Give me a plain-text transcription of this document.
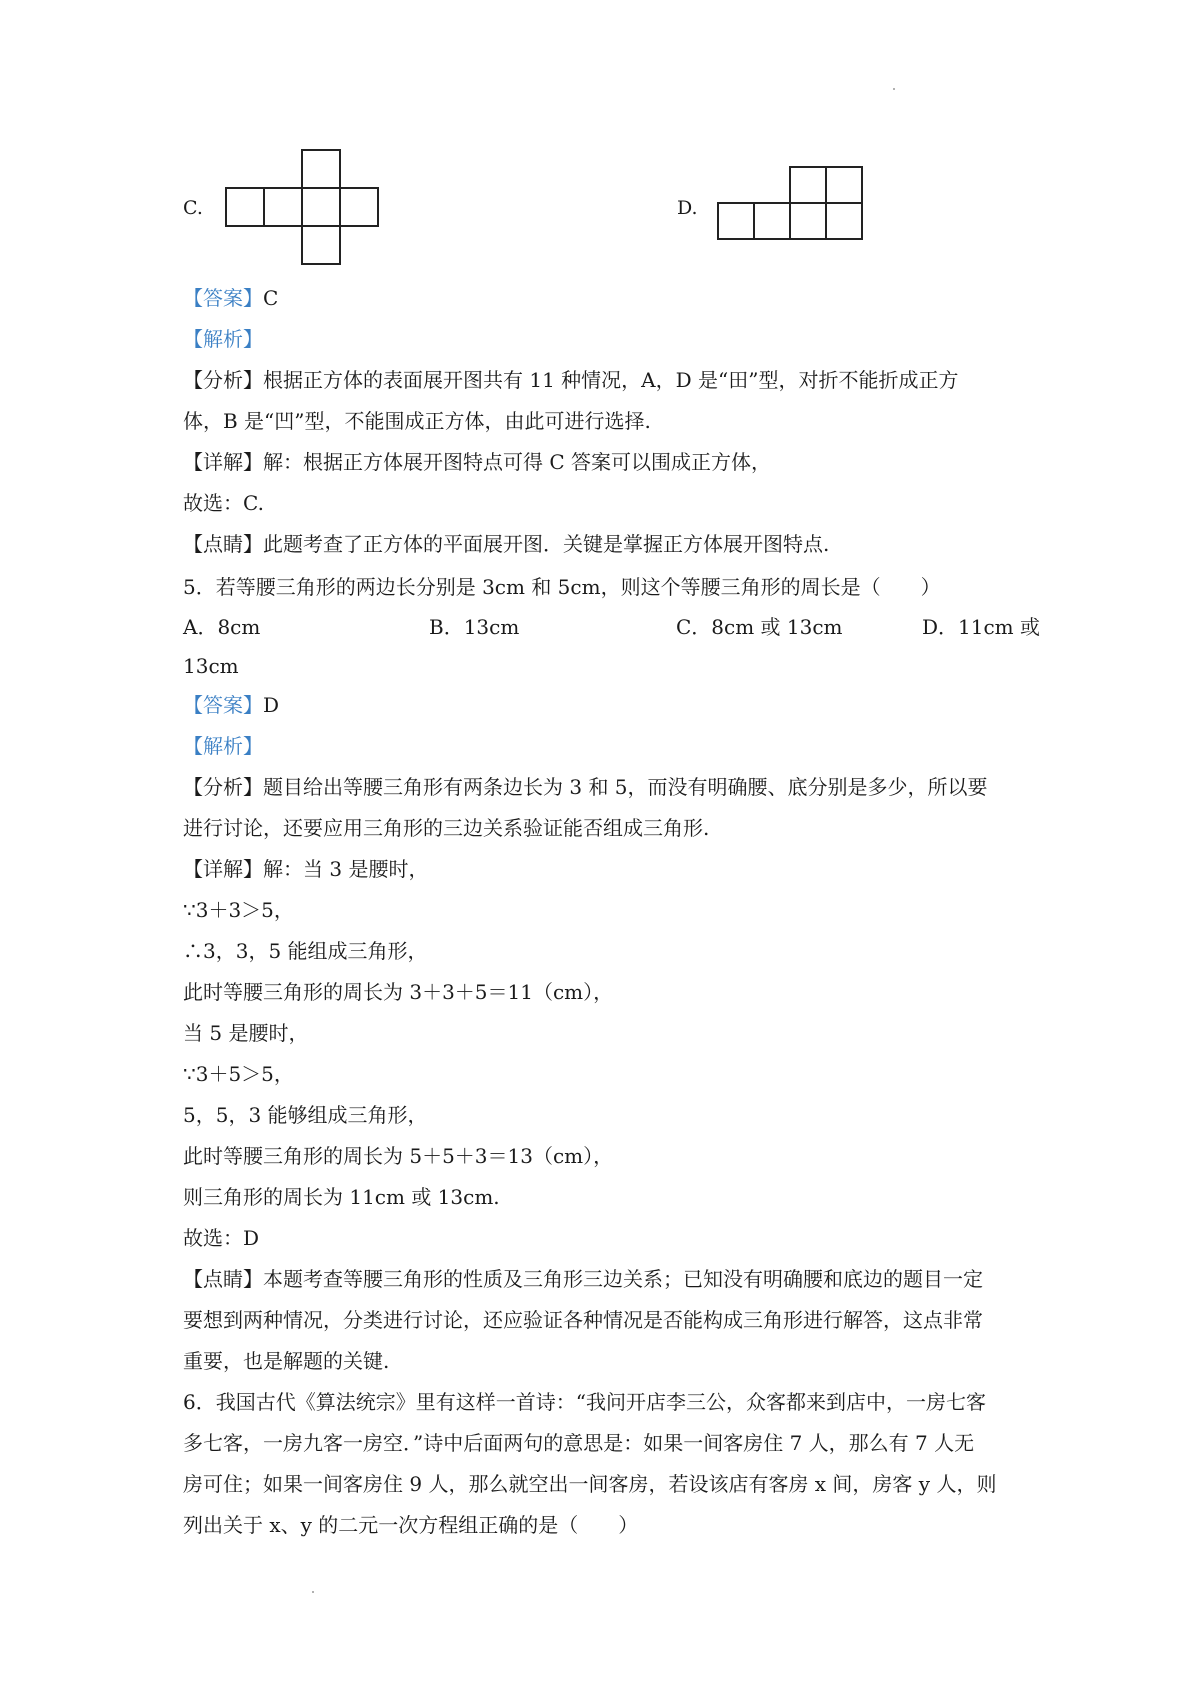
C.	D.
【答案】C
【解析】
【分析】根据正方体的表面展开图共有 11 种情况，A，D 是“田”型，对折不能折成正方
体，B 是“凹”型，不能围成正方体，由此可进行选择.
【详解】解：根据正方体展开图特点可得 C 答案可以围成正方体，
故选：C.
【点睛】此题考查了正方体的平面展开图．关键是掌握正方体展开图特点.
5．若等腰三角形的两边长分别是 3cm 和 5cm，则这个等腰三角形的周长是（　　）
A．8cm	B．13cm	C．8cm 或 13cm	D．11cm 或
13cm
【答案】D
【解析】
【分析】题目给出等腰三角形有两条边长为 3 和 5，而没有明确腰、底分别是多少，所以要
进行讨论，还要应用三角形的三边关系验证能否组成三角形.
【详解】解：当 3 是腰时，
∵3＋3＞5，
∴3，3，5 能组成三角形，
此时等腰三角形的周长为 3＋3＋5＝11（cm），
当 5 是腰时，
∵3＋5＞5，
5，5，3 能够组成三角形，
此时等腰三角形的周长为 5＋5＋3＝13（cm），
则三角形的周长为 11cm 或 13cm.
故选：D
【点睛】本题考查等腰三角形的性质及三角形三边关系；已知没有明确腰和底边的题目一定
要想到两种情况，分类进行讨论，还应验证各种情况是否能构成三角形进行解答，这点非常
重要，也是解题的关键.
6．我国古代《算法统宗》里有这样一首诗：“我问开店李三公，众客都来到店中，一房七客
多七客，一房九客一房空．”诗中后面两句的意思是：如果一间客房住 7 人，那么有 7 人无
房可住；如果一间客房住 9 人，那么就空出一间客房，若设该店有客房 x 间，房客 y 人，则
列出关于 x、y 的二元一次方程组正确的是（　　）
